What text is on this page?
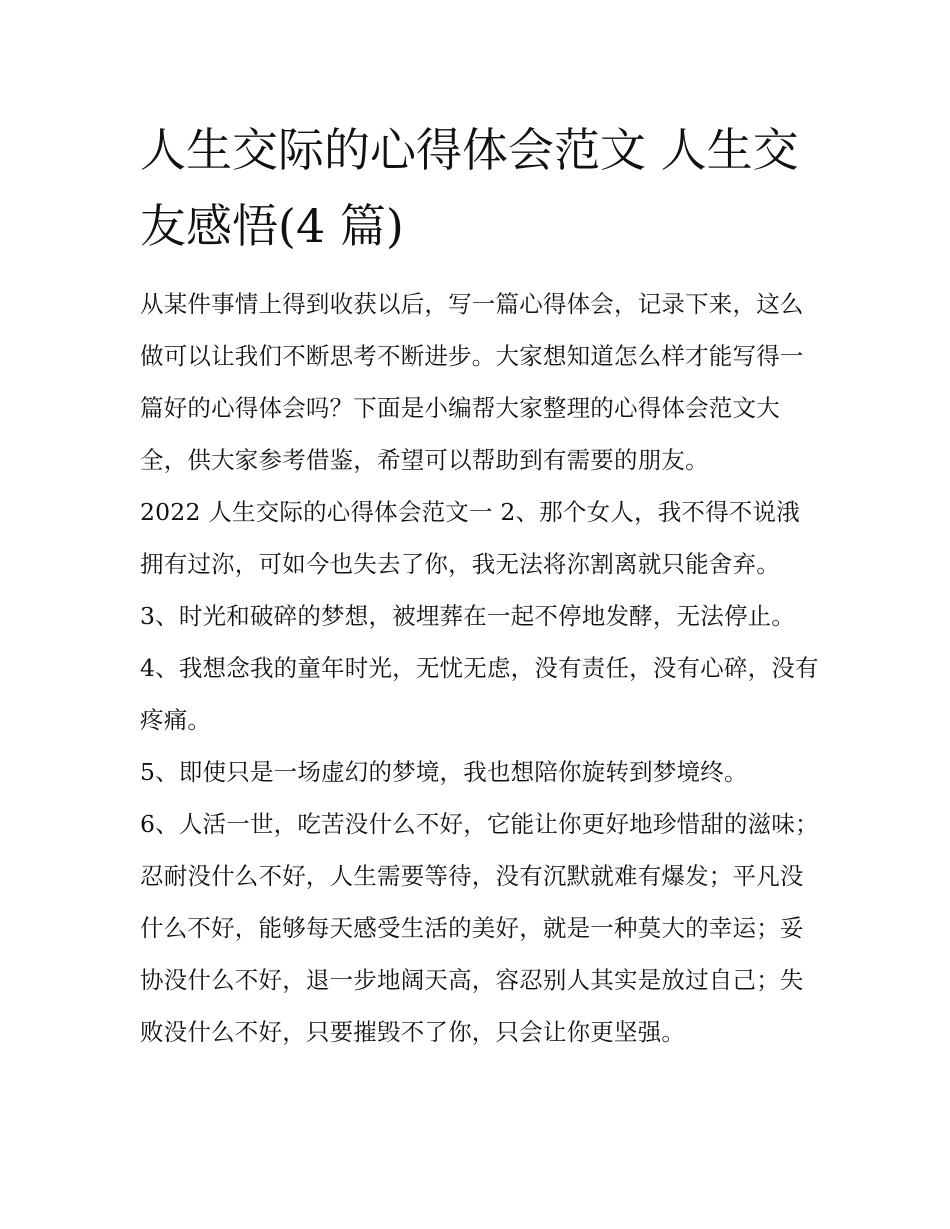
人生交际的心得体会范文 人生交友感悟(4 篇)

从某件事情上得到收获以后，写一篇心得体会，记录下来，这么做可以让我们不断思考不断进步。大家想知道怎么样才能写得一篇好的心得体会吗？下面是小编帮大家整理的心得体会范文大全，供大家参考借鉴，希望可以帮助到有需要的朋友。

2022 人生交际的心得体会范文一 2、那个女人，我不得不说涐拥有过沵，可如今也失去了你，我无法将沵割离就只能舍弃。

3、时光和破碎的梦想，被埋葬在一起不停地发酵，无法停止。 4、我想念我的童年时光，无忧无虑，没有责任，没有心碎，没有疼痛。

5、即使只是一场虚幻的梦境，我也想陪你旋转到梦境终。

6、人活一世，吃苦没什么不好，它能让你更好地珍惜甜的滋味；忍耐没什么不好，人生需要等待，没有沉默就难有爆发；平凡没什么不好，能够每天感受生活的美好，就是一种莫大的幸运；妥协没什么不好，退一步地阔天高，容忍别人其实是放过自己；失败没什么不好，只要摧毁不了你，只会让你更坚强。
